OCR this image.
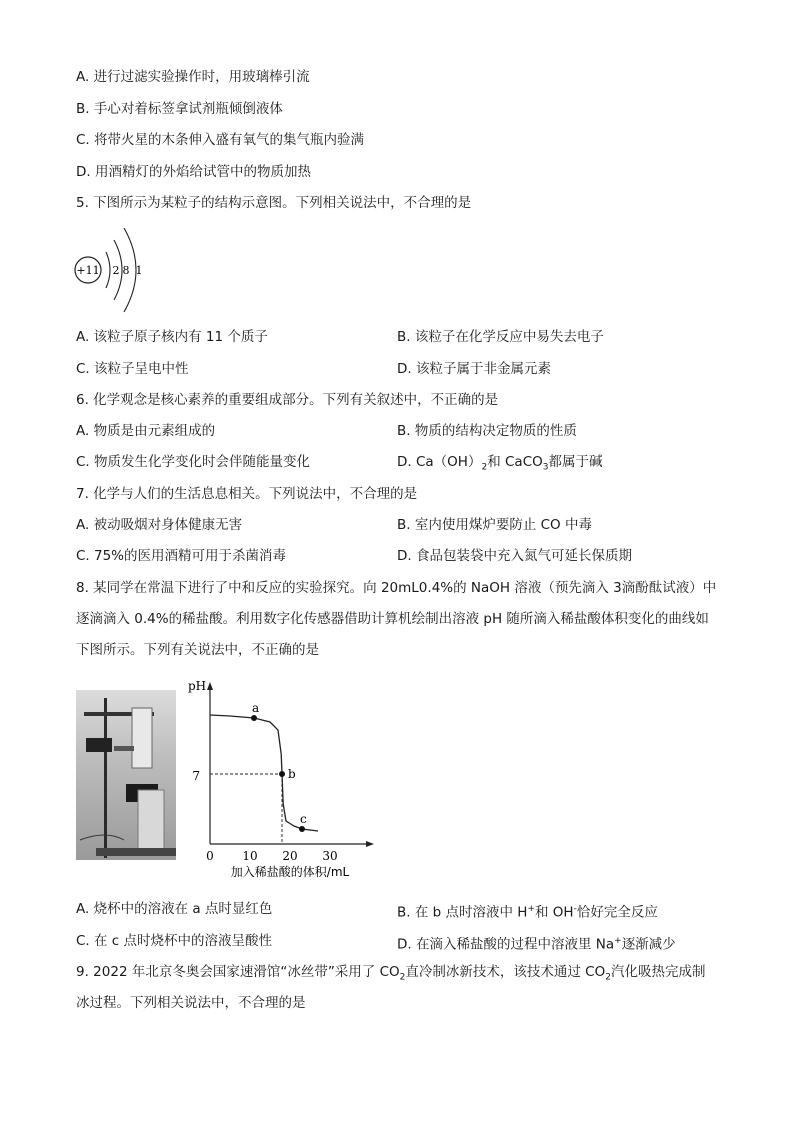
A. 进行过滤实验操作时，用玻璃棒引流
B. 手心对着标签拿试剂瓶倾倒液体
C. 将带火星的木条伸入盛有氧气的集气瓶内验满
D. 用酒精灯的外焰给试管中的物质加热
5. 下图所示为某粒子的结构示意图。下列相关说法中，不合理的是
+11 2 8 1
A. 该粒子原子核内有 11 个质子	B. 该粒子在化学反应中易失去电子
C. 该粒子呈电中性	D. 该粒子属于非金属元素
6. 化学观念是核心素养的重要组成部分。下列有关叙述中，不正确的是
A. 物质是由元素组成的	B. 物质的结构决定物质的性质
C. 物质发生化学变化时会伴随能量变化	D. $Ca(OH)_2$和 CaCO$_3$都属于碱
7. 化学与人们的生活息息相关。下列说法中，不合理的是
A. 被动吸烟对身体健康无害	B. 室内使用煤炉要防止 CO 中毒
C. 75%的医用酒精可用于杀菌消毒	D. 食品包装袋中充入氮气可延长保质期
8. 某同学在常温下进行了中和反应的实验探究。向 20mL0.4%的 NaOH 溶液（预先滴入 3滴酚酞试液）中
逐滴滴入 0.4%的稀盐酸。利用数字化传感器借助计算机绘制出溶液 pH 随所滴入稀盐酸体积变化的曲线如
下图所示。下列有关说法中，不正确的是
pH
7
0 10 20 30
加入稀盐酸的体积/mL
a
b
c
A. 烧杯中的溶液在 a 点时显红色	B. 在 b 点时溶液中 H+和 OH-恰好完全反应
C. 在 c 点时烧杯中的溶液呈酸性	D. 在滴入稀盐酸的过程中溶液里 Na+逐渐减少
9. 2022 年北京冬奥会国家速滑馆“冰丝带”采用了 $CO_2$直冷制冰新技术，该技术通过 $CO_2$汽化吸热完成制
冰过程。下列相关说法中，不合理的是
